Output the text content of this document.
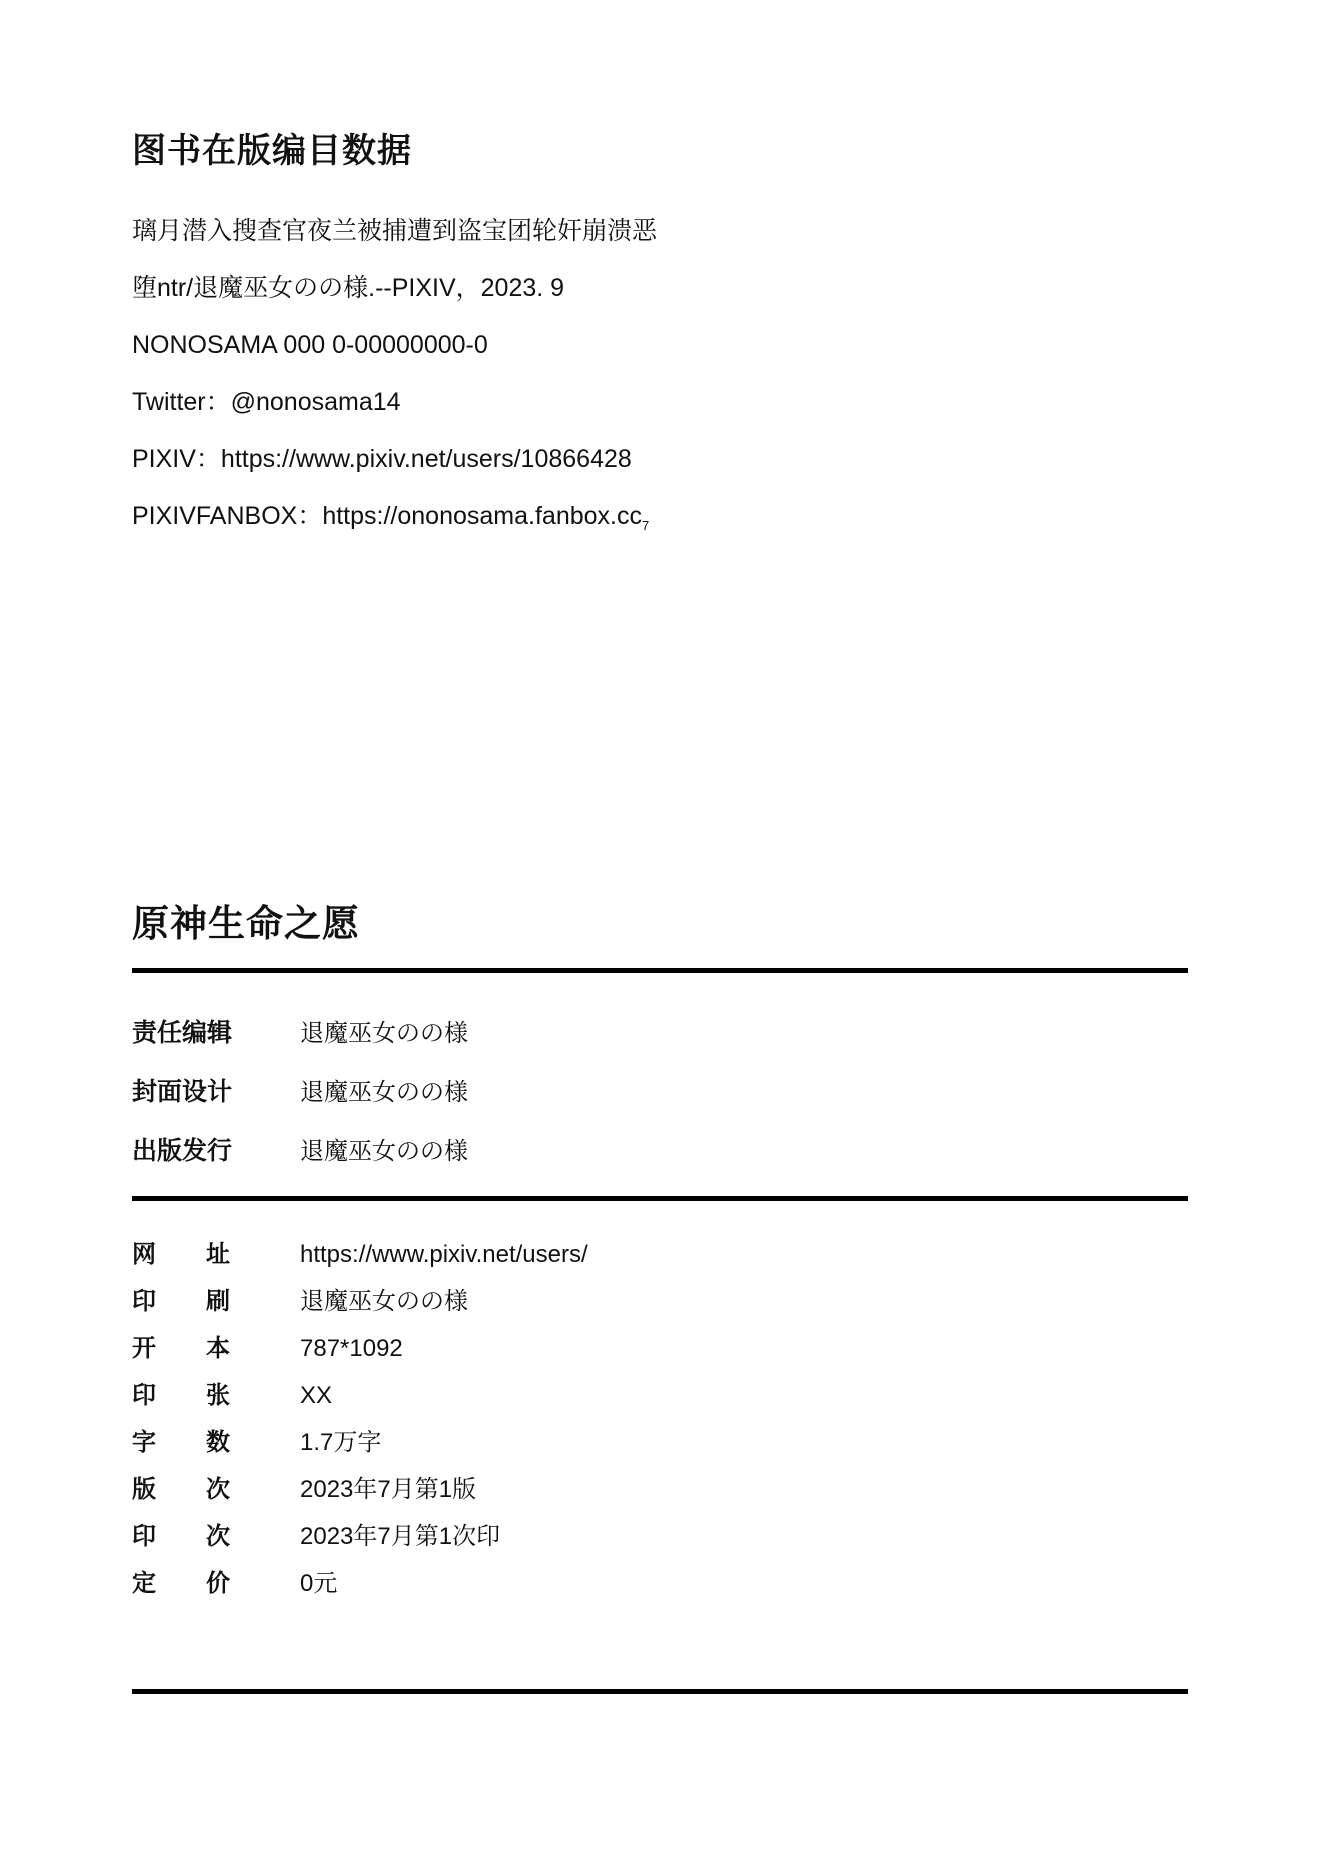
图书在版编目数据

璃月潜入搜查官夜兰被捕遭到盗宝团轮奸崩溃恶

堕ntr/退魔巫女のの様.--PIXIV，2023. 9

NONOSAMA 000 0-00000000-0

Twitter：@nonosama14

PIXIV：https://www.pixiv.net/users/10866428

PIXIVFANBOX：$https://ononosama.fanbox.cc_7$

原神生命之愿
责任编辑	退魔巫女のの様
封面设计	退魔巫女のの様
出版发行	退魔巫女のの様
网址	https://www.pixiv.net/users/
印刷	退魔巫女のの様
开本	787*1092
印张	XX
字数	1.7万字
版次	2023年7月第1版
印次	2023年7月第1次印
定价	0元
